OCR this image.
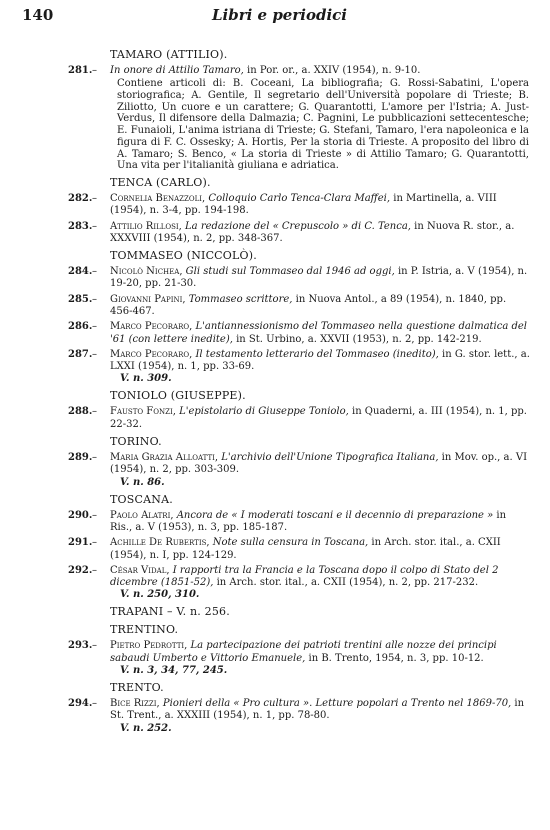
140	Libri e periodici
TAMARO (ATTILIO).
281. – In onore di Attilio Tamaro, in Por. or., a. XXIV (1954), n. 9-10.
Contiene articoli di: B. Coceani, La bibliografia; G. Rossi-Sabatini, L'opera storiografica; A. Gentile, Il segretario dell'Università popolare di Trieste; B. Ziliotto, Un cuore e un carattere; G. Quarantotti, L'amore per l'Istria; A. Just-Verdus, Il difensore della Dalmazia; C. Pagnini, Le pubblicazioni settecentesche; E. Funaioli, L'anima istriana di Trieste; G. Stefani, Tamaro, l'era napoleonica e la figura di F. C. Ossesky; A. Hortis, Per la storia di Trieste. A proposito del libro di A. Tamaro; S. Benco, « La storia di Trieste » di Attilio Tamaro; G. Quarantotti, Una vita per l'italianità giuliana e adriatica.
TENCA (CARLO).
282. – Cornelia Benazzoli, Colloquio Carlo Tenca-Clara Maffei, in Martinella, a. VIII (1954), n. 3-4, pp. 194-198.
283. – Attilio Rillosi, La redazione del « Crepuscolo » di C. Tenca, in Nuova R. stor., a. XXXVIII (1954), n. 2, pp. 348-367.
TOMMASEO (NICCOLÒ).
284. – Nicolò Nichea, Gli studi sul Tommaseo dal 1946 ad oggi, in P. Istria, a. V (1954), n. 19-20, pp. 21-30.
285. – Giovanni Papini, Tommaseo scrittore, in Nuova Antol., a 89 (1954), n. 1840, pp. 456-467.
286. – Marco Pecoraro, L'antiannessionismo del Tommaseo nella questione dalmatica del '61 (con lettere inedite), in St. Urbino, a. XXVII (1953), n. 2, pp. 142-219.
287. – Marco Pecoraro, Il testamento letterario del Tommaseo (inedito), in G. stor. lett., a. LXXI (1954), n. 1, pp. 33-69.
V. n. 309.
TONIOLO (GIUSEPPE).
288. – Fausto Fonzi, L'epistolario di Giuseppe Toniolo, in Quaderni, a. III (1954), n. 1, pp. 22-32.
TORINO.
289. – Maria Grazia Alloatti, L'archivio dell'Unione Tipografica Italiana, in Mov. op., a. VI (1954), n. 2, pp. 303-309.
V. n. 86.
TOSCANA.
290. – Paolo Alatri, Ancora de « I moderati toscani e il decennio di preparazione » in Ris., a. V (1953), n. 3, pp. 185-187.
291. – Achille De Rubertis, Note sulla censura in Toscana, in Arch. stor. ital., a. CXII (1954), n. I, pp. 124-129.
292. – César Vidal, I rapporti tra la Francia e la Toscana dopo il colpo di Stato del 2 dicembre (1851-52), in Arch. stor. ital., a. CXII (1954), n. 2, pp. 217-232.
V. n. 250, 310.
TRAPANI – V. n. 256.
TRENTINO.
293. – Pietro Pedrotti, La partecipazione dei patrioti trentini alle nozze dei principi sabaudi Umberto e Vittorio Emanuele, in B. Trento, 1954, n. 3, pp. 10-12.
V. n. 3, 34, 77, 245.
TRENTO.
294. – Bice Rizzi, Pionieri della « Pro cultura ». Letture popolari a Trento nel 1869-70, in St. Trent., a. XXXIII (1954), n. 1, pp. 78-80.
V. n. 252.
